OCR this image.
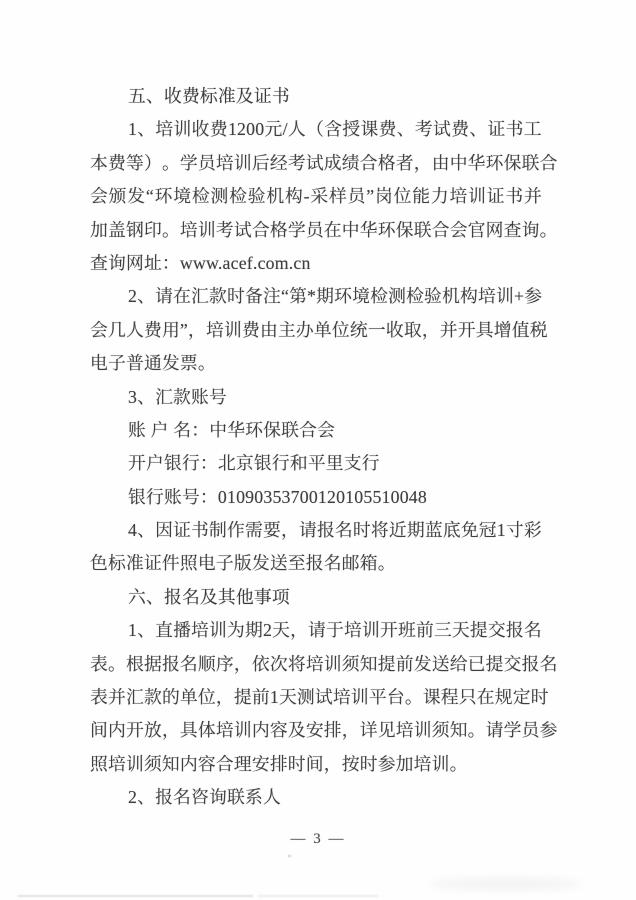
五、收费标准及证书
1 、 培 训 收 费 1200 元 / 人 （ 含 授 课 费 、 考 试 费 、 证 书 工
本 费 等 ） 。 学 员 培 训 后 经 考 试 成 绩 合 格 者 ， 由 中 华 环 保 联 合
会 颁 发 “ 环 境 检 测 检 验 机 构 - 采 样 员 ” 岗 位 能 力 培 训 证 书 并
加 盖 钢 印 。 培 训 考 试 合 格 学 员 在 中 华 环 保 联 合 会 官 网 查 询 。
查询网址：www.acef.com.cn
2 、 请 在 汇 款 时 备 注 “ 第 * 期 环 境 检 测 检 验 机 构 培 训 + 参
会 几 人 费 用 ” ， 培 训 费 由 主 办 单 位 统 一 收 取 ， 并 开 具 增 值 税
电子普通发票。
3、汇款账号
账 户 名：中华环保联合会
开户银行：北京银行和平里支行
银行账号：01090353700120105510048
4 、 因 证 书 制 作 需 要 ， 请 报 名 时 将 近 期 蓝 底 免 冠 1 寸 彩
色标准证件照电子版发送至报名邮箱。
六、报名及其他事项
1 、 直 播 培 训 为 期 2 天 ， 请 于 培 训 开 班 前 三 天 提 交 报 名
表 。 根 据 报 名 顺 序 ， 依 次 将 培 训 须 知 提 前 发 送 给 已 提 交 报 名
表 并 汇 款 的 单 位 ， 提 前 1 天 测 试 培 训 平 台 。 课 程 只 在 规 定 时
间 内 开 放 ， 具 体 培 训 内 容 及 安 排 ， 详 见 培 训 须 知 。 请 学 员 参
照培训须知内容合理安排时间，按时参加培训。
2、报名咨询联系人
— 3 —
